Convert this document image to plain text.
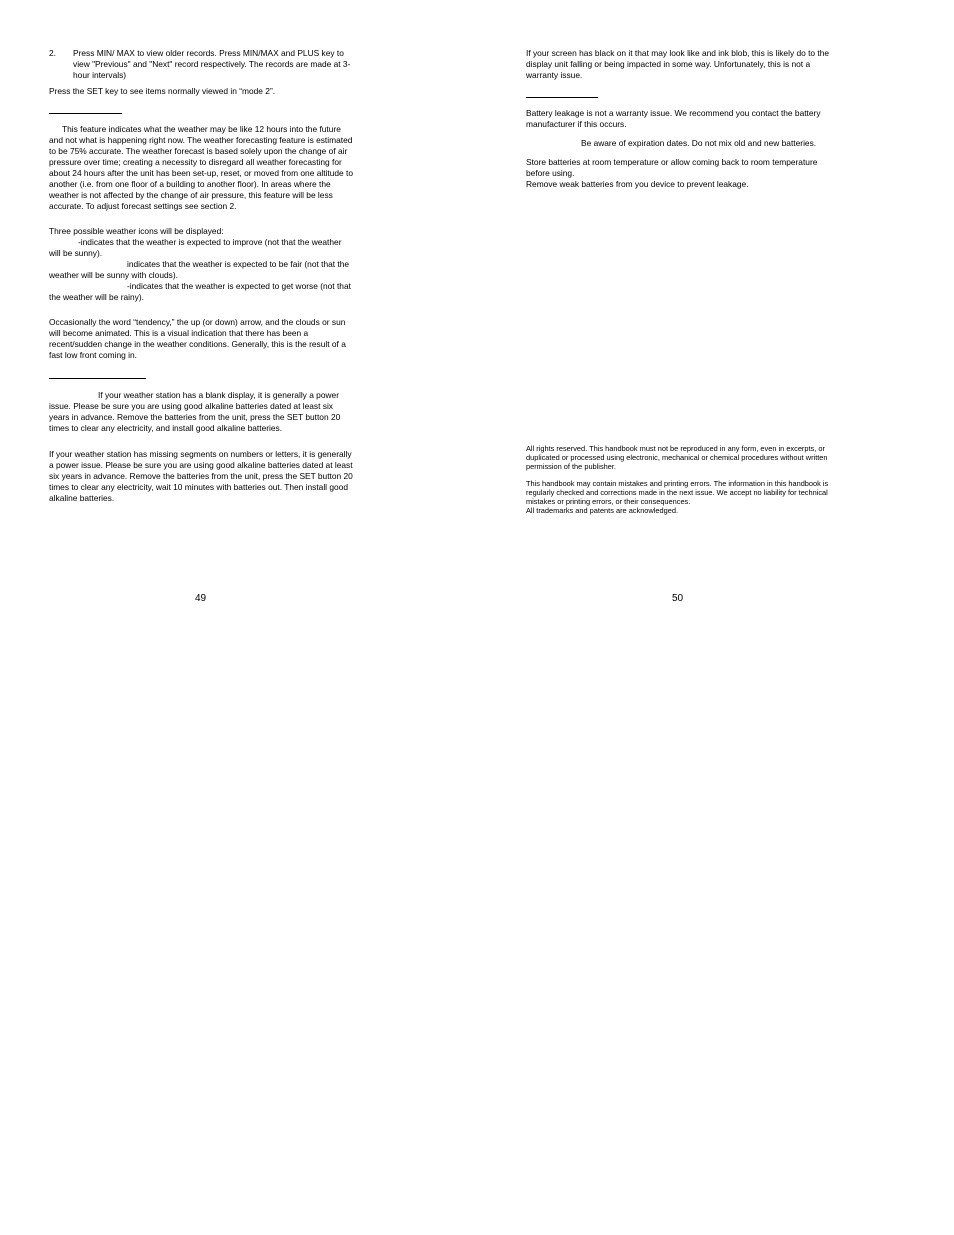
2.	Press MIN/ MAX to view older records. Press MIN/MAX and PLUS key to view "Previous" and "Next" record respectively. The records are made at 3-hour intervals)

Press the SET key to see items normally viewed in “mode 2”.

This feature indicates what the weather may be like 12 hours into the future and not what is happening right now. The weather forecasting feature is estimated to be 75% accurate. The weather forecast is based solely upon the change of air pressure over time; creating a necessity to disregard all weather forecasting for about 24 hours after the unit has been set-up, reset, or moved from one altitude to another (i.e. from one floor of a building to another floor). In areas where the weather is not affected by the change of air pressure, this feature will be less accurate. To adjust forecast settings see section 2.

Three possible weather icons will be displayed:

-indicates that the weather is expected to improve (not that the weather will be sunny).

indicates that the weather is expected to be fair (not that the weather will be sunny with clouds).

-indicates that the weather is expected to get worse (not that the weather will be rainy).

Occasionally the word “tendency,” the up (or down) arrow, and the clouds or sun will become animated. This is a visual indication that there has been a recent/sudden change in the weather conditions. Generally, this is the result of a fast low front coming in.

If your weather station has a blank display, it is generally a power issue. Please be sure you are using good alkaline batteries dated at least six years in advance. Remove the batteries from the unit, press the SET button 20 times to clear any electricity, and install good alkaline batteries.

If your weather station has missing segments on numbers or letters, it is generally a power issue. Please be sure you are using good alkaline batteries dated at least six years in advance. Remove the batteries from the unit, press the SET button 20 times to clear any electricity, wait 10 minutes with batteries out. Then install good alkaline batteries.

49

If your screen has black on it that may look like and ink blob, this is likely do to the display unit falling or being impacted in some way. Unfortunately, this is not a warranty issue.

Battery leakage is not a warranty issue. We recommend you contact the battery manufacturer if this occurs.

Be aware of expiration dates. Do not mix old and new batteries.

Store batteries at room temperature or allow coming back to room temperature before using.

Remove weak batteries from you device to prevent leakage.

All rights reserved. This handbook must not be reproduced in any form, even in excerpts, or duplicated or processed using electronic, mechanical or chemical procedures without written permission of the publisher.

This handbook may contain mistakes and printing errors. The information in this handbook is regularly checked and corrections made in the next issue. We accept no liability for technical mistakes or printing errors, or their consequences.

All trademarks and patents are acknowledged.

50
